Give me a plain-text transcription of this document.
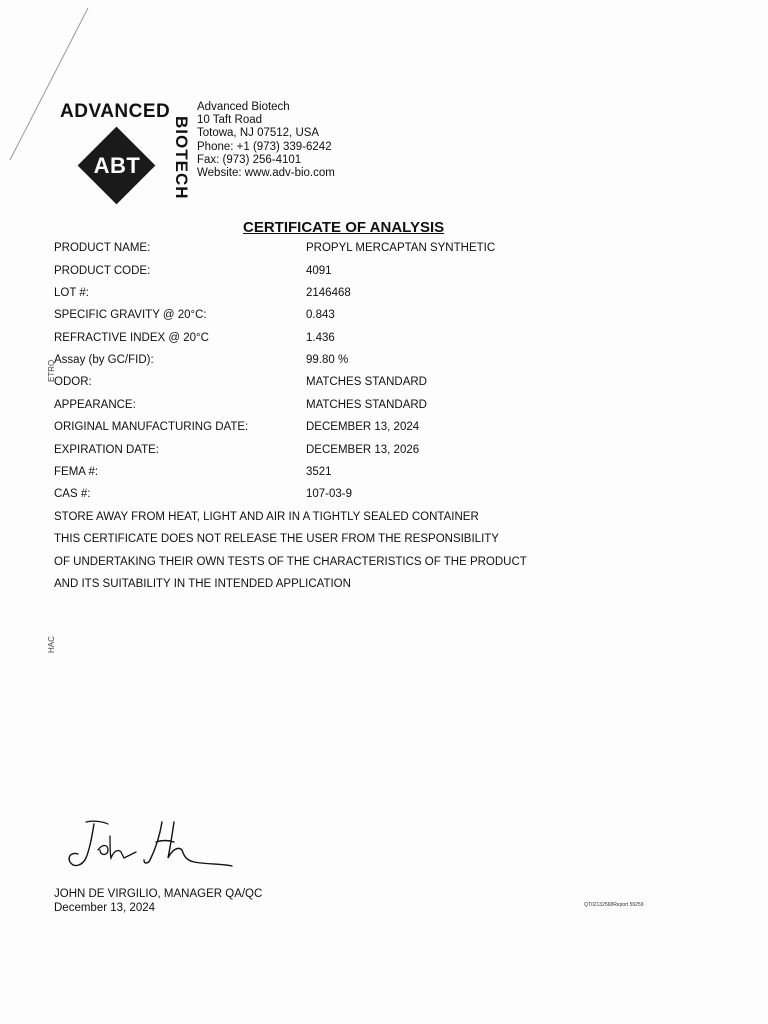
ADVANCED
BIOTECH
ABT
Advanced Biotech
10 Taft Road
Totowa, NJ 07512, USA
Phone: +1 (973) 339-6242
Fax: (973) 256-4101
Website: www.adv-bio.com
CERTIFICATE OF ANALYSIS
PRODUCT NAME:	PROPYL MERCAPTAN SYNTHETIC
PRODUCT CODE:	4091
LOT #:	2146468
SPECIFIC GRAVITY @ 20°C:	0.843
REFRACTIVE INDEX @ 20°C	1.436
Assay (by GC/FID):	99.80 %
ODOR:	MATCHES STANDARD
APPEARANCE:	MATCHES STANDARD
ORIGINAL MANUFACTURING DATE:	DECEMBER 13, 2024
EXPIRATION DATE:	DECEMBER 13, 2026
FEMA #:	3521
CAS #:	107-03-9
STORE AWAY FROM HEAT, LIGHT AND AIR IN A TIGHTLY SEALED CONTAINER
THIS CERTIFICATE DOES NOT RELEASE THE USER FROM THE RESPONSIBILITY
OF UNDERTAKING THEIR OWN TESTS OF THE CHARACTERISTICS OF THE PRODUCT
AND ITS SUITABILITY IN THE INTENDED APPLICATION
ETRO
HAC
JOHN DE VIRGILIO, MANAGER QA/QC
December 13, 2024	QT02132568Report 59259
